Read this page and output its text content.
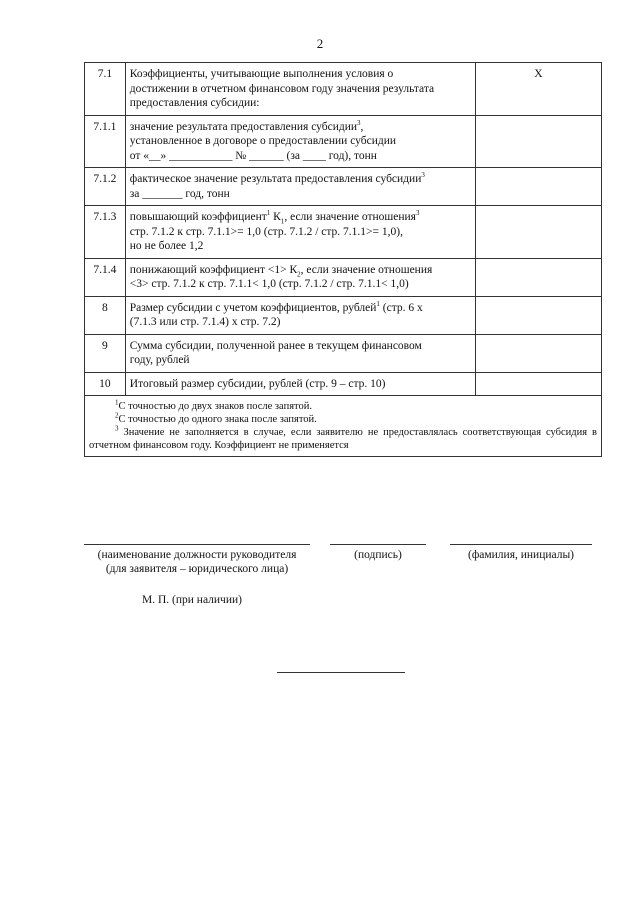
2
7.1	Коэффициенты, учитывающие выполнения условия о
достижении в отчетном финансовом году значения результата
предоставления субсидии:	Х
7.1.1	значение результата предоставления субсидии$^3$,
установленное в договоре о предоставлении субсидии
от «__» ___________ № ______ (за ____ год), тонн	

7.1.2	фактическое значение результата предоставления субсидии$^3$
за _______ год, тонн	

7.1.3	повышающий коэффициент$^1$ $К_1$, если значение отношения$^3$
стр. 7.1.2 к стр. 7.1.1>= 1,0 (стр. 7.1.2 / стр. 7.1.1>= 1,0),
но не более 1,2	

7.1.4	понижающий коэффициент $<1> К_2$, если значение отношения
<3> стр. 7.1.2 к стр. 7.1.1< 1,0 (стр. 7.1.2 / стр. 7.1.1< 1,0)	

8	Размер субсидии с учетом коэффициентов, рублей$^1$ (стр. 6 х
(7.1.3 или стр. 7.1.4) х стр. 7.2)	

9	Сумма субсидии, полученной ранее в текущем финансовом
году, рублей	

10	Итоговый размер субсидии, рублей (стр. 9 – стр. 10)	

$^1$С точностью до двух знаков после запятой.
$^2$С точностью до одного знака после запятой.
$^3$ Значение не заполняется в случае, если заявителю не предоставлялась соответствующая субсидия в отчетном финансовом году. Коэффициент не применяется		
(наименование должности руководителя
(для заявителя – юридического лица)
(подпись)	(фамилия, инициалы)
М. П. (при наличии)
